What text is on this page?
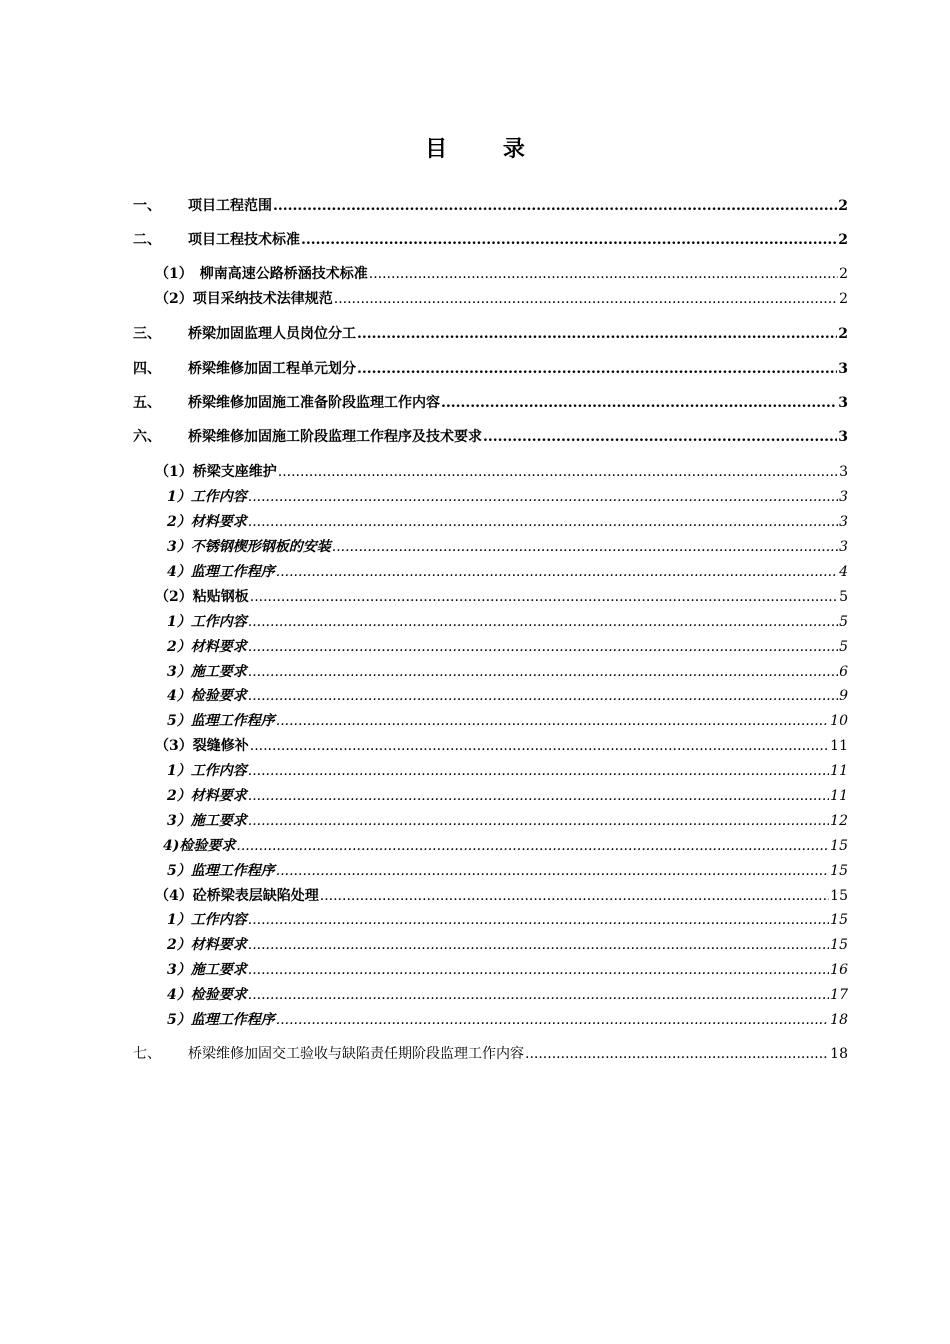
目 录
一、 项目工程范围 .....	2
二、 项目工程技术标准 .....	2
（1）　柳南高速公路桥涵技术标准 .....	2
（2）项目采纳技术法律规范 .....	2
三、 桥梁加固监理人员岗位分工 .....	2
四、 桥梁维修加固工程单元划分 .....	3
五、 桥梁维修加固施工准备阶段监理工作内容 .....	3
六、 桥梁维修加固施工阶段监理工作程序及技术要求 .....	3
（1）桥梁支座维护 .....	3
1）工作内容 .....	3
2）材料要求 .....	3
3）不锈钢楔形钢板的安装 .....	3
4）监理工作程序 .....	4
（2）粘贴钢板 .....	5
1）工作内容 .....	5
2）材料要求 .....	5
3）施工要求 .....	6
4）检验要求 .....	9
5）监理工作程序 .....	10
（3）裂缝修补 .....	11
1）工作内容 .....	11
2）材料要求 .....	11
3）施工要求 .....	12
4)检验要求 .....	15
5）监理工作程序 .....	15
（4）砼桥梁表层缺陷处理 .....	15
1）工作内容 .....	15
2）材料要求 .....	15
3）施工要求 .....	16
4）检验要求 .....	17
5）监理工作程序 .....	18
七、 桥梁维修加固交工验收与缺陷责任期阶段监理工作内容 .....	18
